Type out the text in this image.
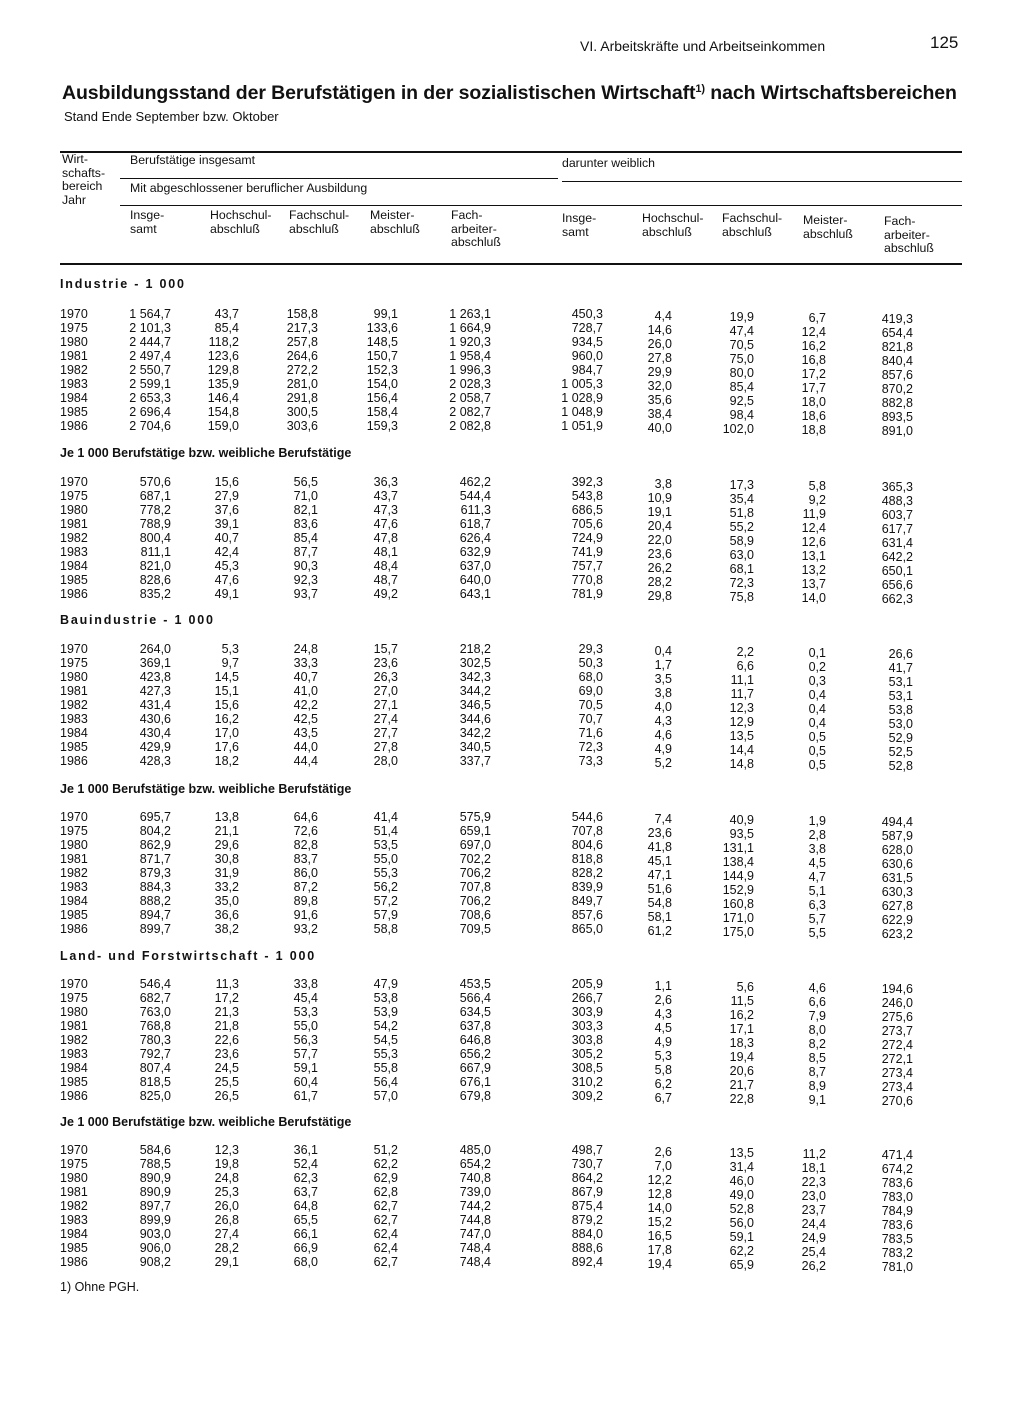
VI. Arbeitskräfte und Arbeitseinkommen	125
Ausbildungsstand der Berufstätigen in der sozialistischen Wirtschaft$^{1)}$ nach Wirtschaftsbereichen
Stand Ende September bzw. Oktober
Wirt-
schafts-
bereich
Jahr
Berufstätige insgesamt	darunter weiblich
Mit abgeschlossener beruflicher Ausbildung
Insge-
samt
Hochschul-
abschluß
Fachschul-
abschluß
Meister-
abschluß
Fach-
arbeiter-
abschluß
Insge-
samt
Hochschul-
abschluß
Fachschul-
abschluß
Meister-
abschluß
Fach-
arbeiter-
abschluß
Industrie - 1 000
1970	1 564,7	43,7	158,8	99,1	1 263,1	450,3	4,4	19,9	6,7	419,3
1975	2 101,3	85,4	217,3	133,6	1 664,9	728,7	14,6	47,4	12,4	654,4
1980	2 444,7	118,2	257,8	148,5	1 920,3	934,5	26,0	70,5	16,2	821,8
1981	2 497,4	123,6	264,6	150,7	1 958,4	960,0	27,8	75,0	16,8	840,4
1982	2 550,7	129,8	272,2	152,3	1 996,3	984,7	29,9	80,0	17,2	857,6
1983	2 599,1	135,9	281,0	154,0	2 028,3	1 005,3	32,0	85,4	17,7	870,2
1984	2 653,3	146,4	291,8	156,4	2 058,7	1 028,9	35,6	92,5	18,0	882,8
1985	2 696,4	154,8	300,5	158,4	2 082,7	1 048,9	38,4	98,4	18,6	893,5
1986	2 704,6	159,0	303,6	159,3	2 082,8	1 051,9	40,0	102,0	18,8	891,0
Je 1 000 Berufstätige bzw. weibliche Berufstätige
1970	570,6	15,6	56,5	36,3	462,2	392,3	3,8	17,3	5,8	365,3
1975	687,1	27,9	71,0	43,7	544,4	543,8	10,9	35,4	9,2	488,3
1980	778,2	37,6	82,1	47,3	611,3	686,5	19,1	51,8	11,9	603,7
1981	788,9	39,1	83,6	47,6	618,7	705,6	20,4	55,2	12,4	617,7
1982	800,4	40,7	85,4	47,8	626,4	724,9	22,0	58,9	12,6	631,4
1983	811,1	42,4	87,7	48,1	632,9	741,9	23,6	63,0	13,1	642,2
1984	821,0	45,3	90,3	48,4	637,0	757,7	26,2	68,1	13,2	650,1
1985	828,6	47,6	92,3	48,7	640,0	770,8	28,2	72,3	13,7	656,6
1986	835,2	49,1	93,7	49,2	643,1	781,9	29,8	75,8	14,0	662,3
Bauindustrie - 1 000
1970	264,0	5,3	24,8	15,7	218,2	29,3	0,4	2,2	0,1	26,6
1975	369,1	9,7	33,3	23,6	302,5	50,3	1,7	6,6	0,2	41,7
1980	423,8	14,5	40,7	26,3	342,3	68,0	3,5	11,1	0,3	53,1
1981	427,3	15,1	41,0	27,0	344,2	69,0	3,8	11,7	0,4	53,1
1982	431,4	15,6	42,2	27,1	346,5	70,5	4,0	12,3	0,4	53,8
1983	430,6	16,2	42,5	27,4	344,6	70,7	4,3	12,9	0,4	53,0
1984	430,4	17,0	43,5	27,7	342,2	71,6	4,6	13,5	0,5	52,9
1985	429,9	17,6	44,0	27,8	340,5	72,3	4,9	14,4	0,5	52,5
1986	428,3	18,2	44,4	28,0	337,7	73,3	5,2	14,8	0,5	52,8
Je 1 000 Berufstätige bzw. weibliche Berufstätige
1970	695,7	13,8	64,6	41,4	575,9	544,6	7,4	40,9	1,9	494,4
1975	804,2	21,1	72,6	51,4	659,1	707,8	23,6	93,5	2,8	587,9
1980	862,9	29,6	82,8	53,5	697,0	804,6	41,8	131,1	3,8	628,0
1981	871,7	30,8	83,7	55,0	702,2	818,8	45,1	138,4	4,5	630,6
1982	879,3	31,9	86,0	55,3	706,2	828,2	47,1	144,9	4,7	631,5
1983	884,3	33,2	87,2	56,2	707,8	839,9	51,6	152,9	5,1	630,3
1984	888,2	35,0	89,8	57,2	706,2	849,7	54,8	160,8	6,3	627,8
1985	894,7	36,6	91,6	57,9	708,6	857,6	58,1	171,0	5,7	622,9
1986	899,7	38,2	93,2	58,8	709,5	865,0	61,2	175,0	5,5	623,2
Land- und Forstwirtschaft - 1 000
1970	546,4	11,3	33,8	47,9	453,5	205,9	1,1	5,6	4,6	194,6
1975	682,7	17,2	45,4	53,8	566,4	266,7	2,6	11,5	6,6	246,0
1980	763,0	21,3	53,3	53,9	634,5	303,9	4,3	16,2	7,9	275,6
1981	768,8	21,8	55,0	54,2	637,8	303,3	4,5	17,1	8,0	273,7
1982	780,3	22,6	56,3	54,5	646,8	303,8	4,9	18,3	8,2	272,4
1983	792,7	23,6	57,7	55,3	656,2	305,2	5,3	19,4	8,5	272,1
1984	807,4	24,5	59,1	55,8	667,9	308,5	5,8	20,6	8,7	273,4
1985	818,5	25,5	60,4	56,4	676,1	310,2	6,2	21,7	8,9	273,4
1986	825,0	26,5	61,7	57,0	679,8	309,2	6,7	22,8	9,1	270,6
Je 1 000 Berufstätige bzw. weibliche Berufstätige
1970	584,6	12,3	36,1	51,2	485,0	498,7	2,6	13,5	11,2	471,4
1975	788,5	19,8	52,4	62,2	654,2	730,7	7,0	31,4	18,1	674,2
1980	890,9	24,8	62,3	62,9	740,8	864,2	12,2	46,0	22,3	783,6
1981	890,9	25,3	63,7	62,8	739,0	867,9	12,8	49,0	23,0	783,0
1982	897,7	26,0	64,8	62,7	744,2	875,4	14,0	52,8	23,7	784,9
1983	899,9	26,8	65,5	62,7	744,8	879,2	15,2	56,0	24,4	783,6
1984	903,0	27,4	66,1	62,4	747,0	884,0	16,5	59,1	24,9	783,5
1985	906,0	28,2	66,9	62,4	748,4	888,6	17,8	62,2	25,4	783,2
1986	908,2	29,1	68,0	62,7	748,4	892,4	19,4	65,9	26,2	781,0
1) Ohne PGH.
